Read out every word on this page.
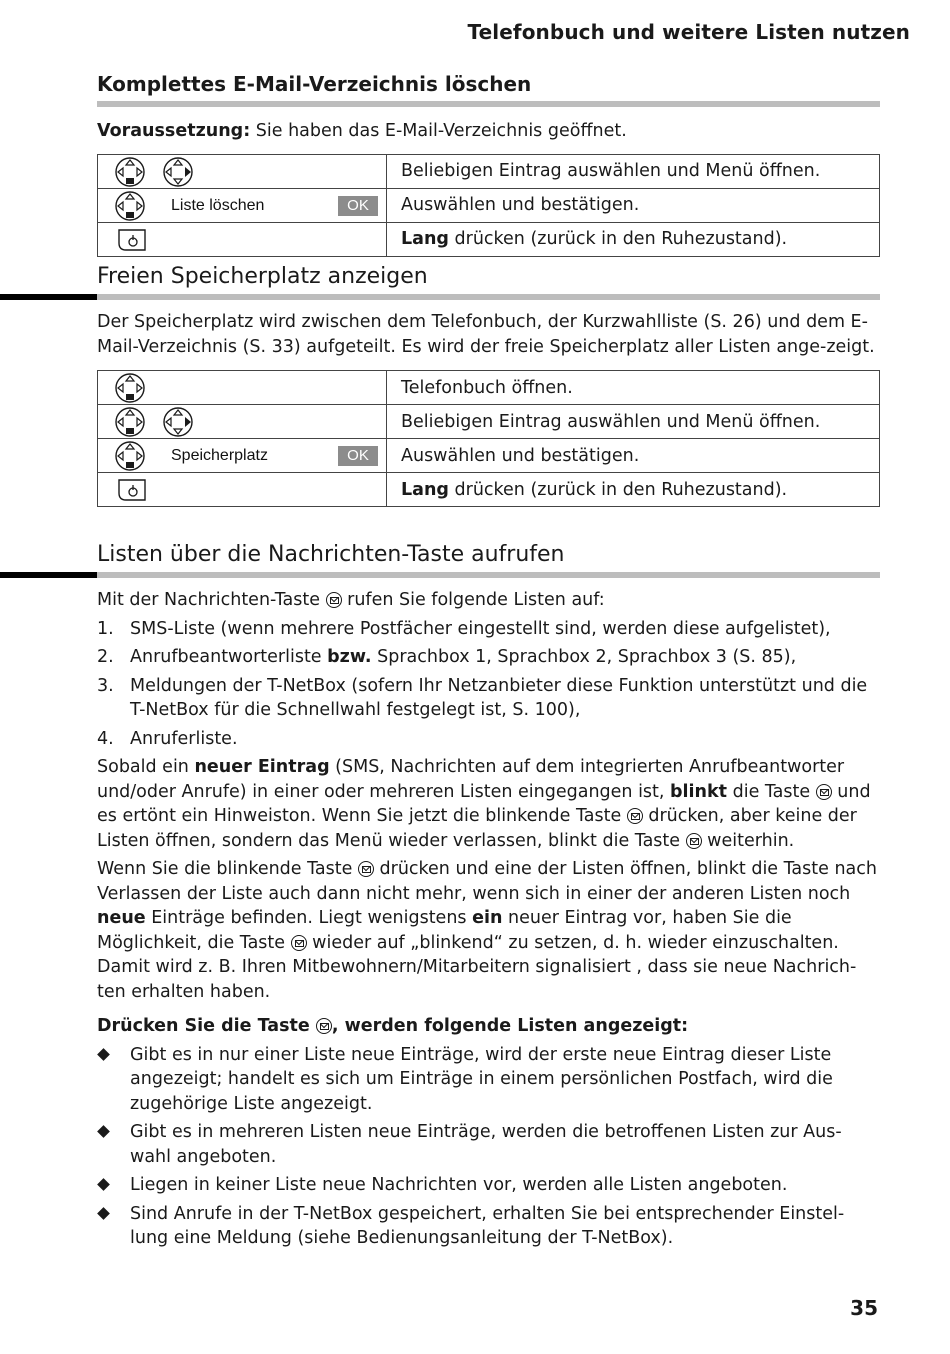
Telefonbuch und weitere Listen nutzen
Komplettes E-Mail-Verzeichnis löschen

Voraussetzung: Sie haben das E-Mail-Verzeichnis geöffnet.

	Beliebigen Eintrag auswählen und Menü öffnen.

Liste löschen OK	Auswählen und bestätigen.

	Lang drücken (zurück in den Ruhezustand).
Freien Speicherplatz anzeigen

Der Speicherplatz wird zwischen dem Telefonbuch, der Kurzwahlliste (S. 26) und dem E-Mail-Verzeichnis (S. 33) aufgeteilt. Es wird der freie Speicherplatz aller Listen ange-zeigt.

	Telefonbuch öffnen.

	Beliebigen Eintrag auswählen und Menü öffnen.

Speicherplatz OK	Auswählen und bestätigen.

	Lang drücken (zurück in den Ruhezustand).
Listen über die Nachrichten-Taste aufrufen

Mit der Nachrichten-Taste  rufen Sie folgende Listen auf:

1. SMS-Liste (wenn mehrere Postfächer eingestellt sind, werden diese aufgelistet),
2. Anrufbeantworterliste bzw. Sprachbox 1, Sprachbox 2, Sprachbox 3 (S. 85),
3. Meldungen der T-NetBox (sofern Ihr Netzanbieter diese Funktion unterstützt und die T-NetBox für die Schnellwahl festgelegt ist, S. 100),
4. Anruferliste.

Sobald ein neuer Eintrag (SMS, Nachrichten auf dem integrierten Anrufbeantworter und/oder Anrufe) in einer oder mehreren Listen eingegangen ist, blinkt die Taste  und es ertönt ein Hinweiston. Wenn Sie jetzt die blinkende Taste  drücken, aber keine der Listen öffnen, sondern das Menü wieder verlassen, blinkt die Taste  weiterhin.

Wenn Sie die blinkende Taste  drücken und eine der Listen öffnen, blinkt die Taste nach Verlassen der Liste auch dann nicht mehr, wenn sich in einer der anderen Listen noch neue Einträge befinden. Liegt wenigstens ein neuer Eintrag vor, haben Sie die Möglichkeit, die Taste  wieder auf „blinkend“ zu setzen, d. h. wieder einzuschalten. Damit wird z. B. Ihren Mitbewohnern/Mitarbeitern signalisiert , dass sie neue Nachrich-ten erhalten haben.

Drücken Sie die Taste , werden folgende Listen angezeigt:

Gibt es in nur einer Liste neue Einträge, wird der erste neue Eintrag dieser Liste angezeigt; handelt es sich um Einträge in einem persönlichen Postfach, wird die zugehörige Liste angezeigt.
Gibt es in mehreren Listen neue Einträge, werden die betroffenen Listen zur Aus-wahl angeboten.
Liegen in keiner Liste neue Nachrichten vor, werden alle Listen angeboten.
Sind Anrufe in der T-NetBox gespeichert, erhalten Sie bei entsprechender Einstel-lung eine Meldung (siehe Bedienungsanleitung der T-NetBox).
35
